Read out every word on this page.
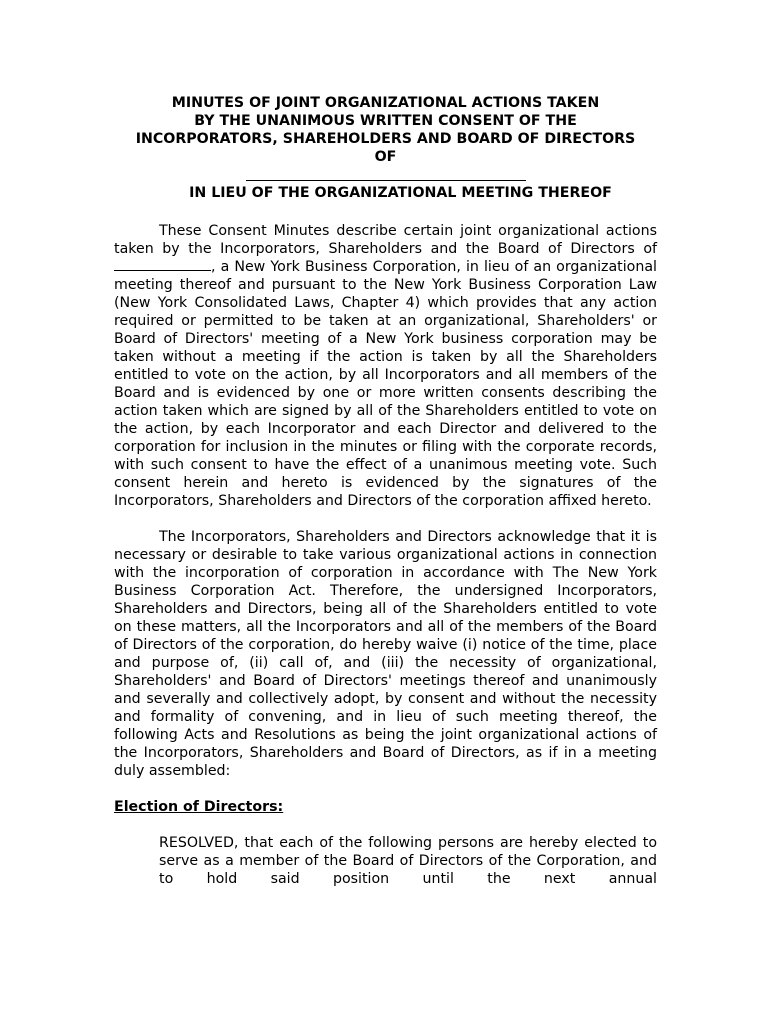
MINUTES OF JOINT ORGANIZATIONAL ACTIONS TAKEN
BY THE UNANIMOUS WRITTEN CONSENT OF THE
INCORPORATORS, SHAREHOLDERS AND BOARD OF DIRECTORS
OF
IN LIEU OF THE ORGANIZATIONAL MEETING THEREOF

These Consent Minutes describe certain joint organizational actions taken by the Incorporators, Shareholders and the Board of Directors of , a New York Business Corporation, in lieu of an organizational meeting thereof and pursuant to the New York Business Corporation Law (New York Consolidated Laws, Chapter 4) which provides that any action required or permitted to be taken at an organizational, Shareholders' or Board of Directors' meeting of a New York business corporation may be taken without a meeting if the action is taken by all the Shareholders entitled to vote on the action, by all Incorporators and all members of the Board and is evidenced by one or more written consents describing the action taken which are signed by all of the Shareholders entitled to vote on the action, by each Incorporator and each Director and delivered to the corporation for inclusion in the minutes or filing with the corporate records, with such consent to have the effect of a unanimous meeting vote. Such consent herein and hereto is evidenced by the signatures of the Incorporators, Shareholders and Directors of the corporation affixed hereto.

The Incorporators, Shareholders and Directors acknowledge that it is necessary or desirable to take various organizational actions in connection with the incorporation of corporation in accordance with The New York Business Corporation Act. Therefore, the undersigned Incorporators, Shareholders and Directors, being all of the Shareholders entitled to vote on these matters, all the Incorporators and all of the members of the Board of Directors of the corporation, do hereby waive (i) notice of the time, place and purpose of, (ii) call of, and (iii) the necessity of organizational, Shareholders' and Board of Directors' meetings thereof and unanimously and severally and collectively adopt, by consent and without the necessity and formality of convening, and in lieu of such meeting thereof, the following Acts and Resolutions as being the joint organizational actions of the Incorporators, Shareholders and Board of Directors, as if in a meeting duly assembled:

Election of Directors:

RESOLVED, that each of the following persons are hereby elected to serve as a member of the Board of Directors of the Corporation, and to hold said position until the next annual
